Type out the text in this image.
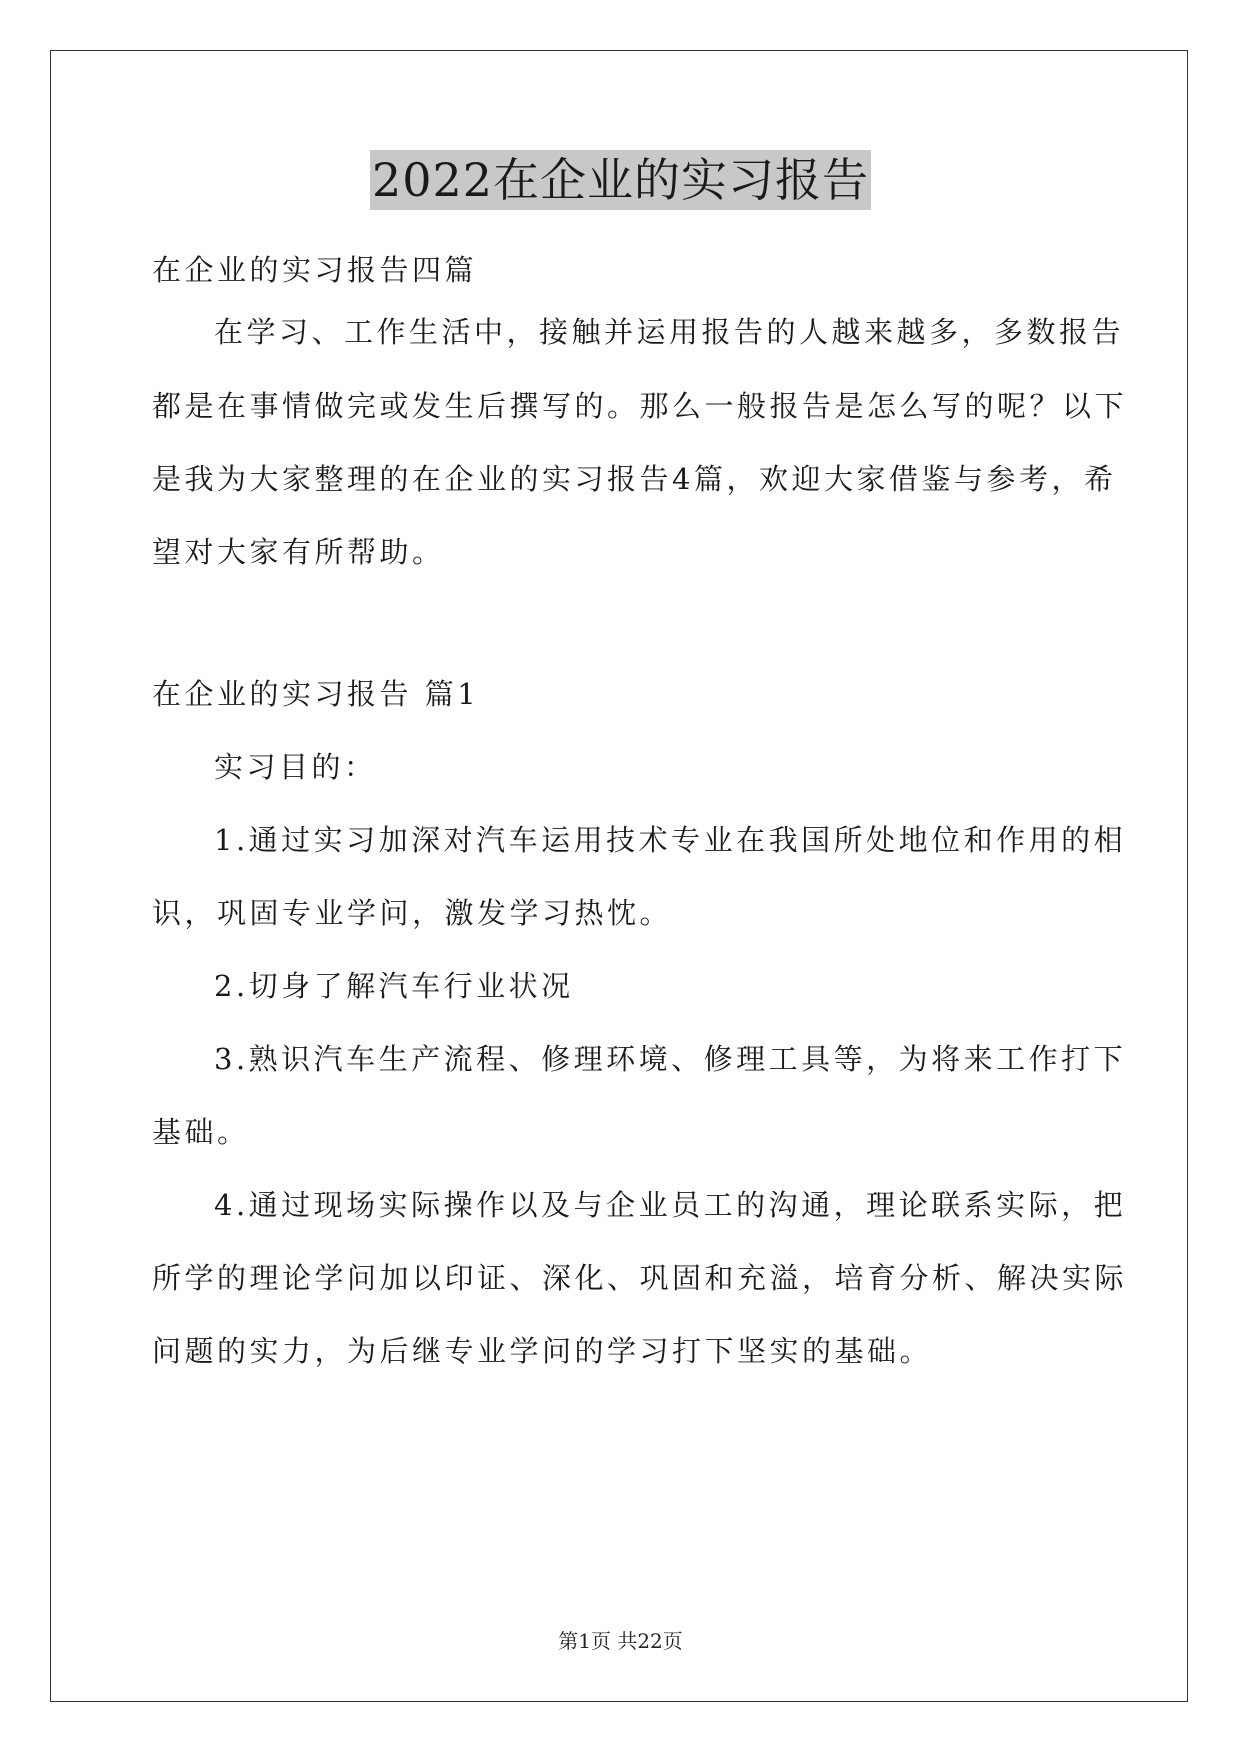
2022在企业的实习报告
在企业的实习报告四篇
在学习、工作生活中，接触并运用报告的人越来越多，多数报告
都是在事情做完或发生后撰写的。那么一般报告是怎么写的呢？以下
是我为大家整理的在企业的实习报告4篇，欢迎大家借鉴与参考，希
望对大家有所帮助。
在企业的实习报告 篇1
实习目的：
1.通过实习加深对汽车运用技术专业在我国所处地位和作用的相
识，巩固专业学问，激发学习热忱。
2.切身了解汽车行业状况
3.熟识汽车生产流程、修理环境、修理工具等，为将来工作打下
基础。
4.通过现场实际操作以及与企业员工的沟通，理论联系实际，把
所学的理论学问加以印证、深化、巩固和充溢，培育分析、解决实际
问题的实力，为后继专业学问的学习打下坚实的基础。
第1页 共22页
